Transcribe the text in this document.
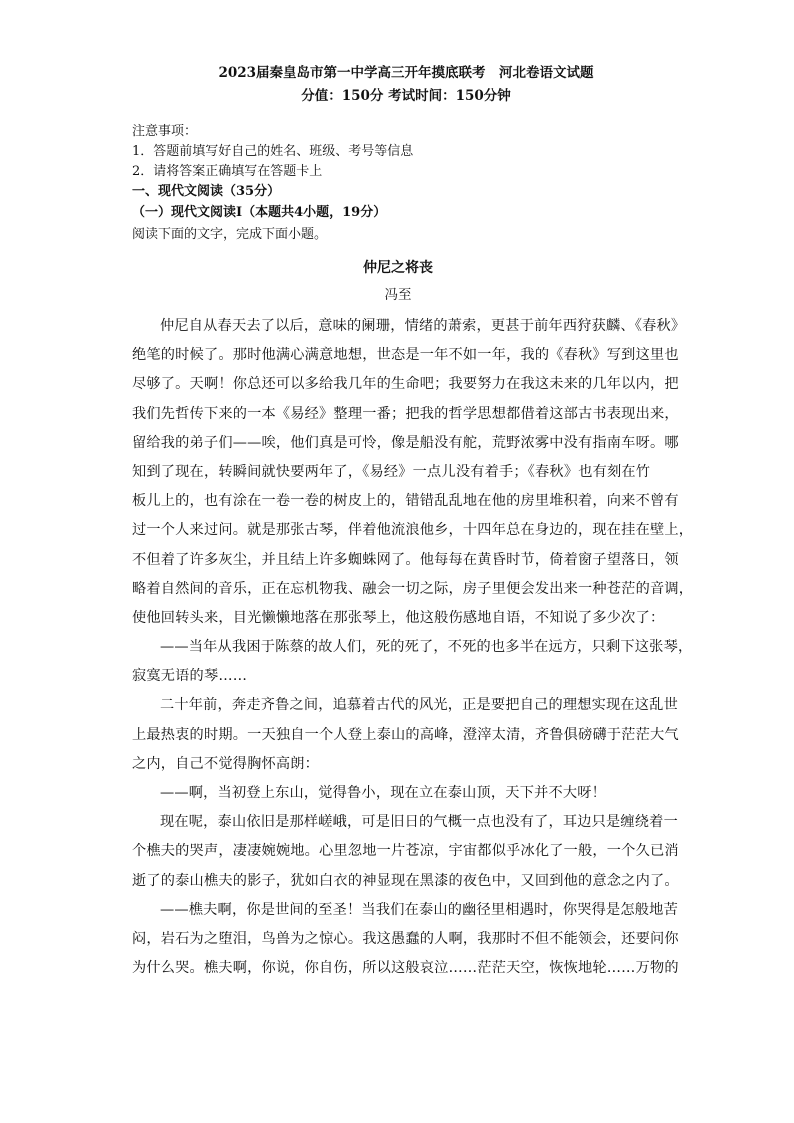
2023届秦皇岛市第一中学高三开年摸底联考　河北卷语文试题
分值：150分 考试时间：150分钟
注意事项：
1．答题前填写好自己的姓名、班级、考号等信息
2．请将答案正确填写在答题卡上
一、现代文阅读（35分）
（一）现代文阅读Ⅰ（本题共4小题，19分）
阅读下面的文字，完成下面小题。
仲尼之将丧
冯至
仲尼自从春天去了以后，意味的阑珊，情绪的萧索，更甚于前年西狩获麟、《春秋》
绝笔的时候了。那时他满心满意地想，世态是一年不如一年，我的《春秋》写到这里也
尽够了。天啊！你总还可以多给我几年的生命吧；我要努力在我这未来的几年以内，把
我们先哲传下来的一本《易经》整理一番；把我的哲学思想都借着这部古书表现出来，
留给我的弟子们——唉，他们真是可怜，像是船没有舵，荒野浓雾中没有指南车呀。哪
知到了现在，转瞬间就快要两年了，《易经》一点儿没有着手；《春秋》也有刻在竹
板儿上的，也有涂在一卷一卷的树皮上的，错错乱乱地在他的房里堆积着，向来不曾有
过一个人来过问。就是那张古琴，伴着他流浪他乡，十四年总在身边的，现在挂在壁上，
不但着了许多灰尘，并且结上许多蜘蛛网了。他每每在黄昏时节，倚着窗子望落日，领
略着自然间的音乐，正在忘机物我、融会一切之际，房子里便会发出来一种苍茫的音调，
使他回转头来，目光懒懒地落在那张琴上，他这般伤感地自语，不知说了多少次了：
——当年从我困于陈蔡的故人们，死的死了，不死的也多半在远方，只剩下这张琴，
寂寞无语的琴……
二十年前，奔走齐鲁之间，追慕着古代的风光，正是要把自己的理想实现在这乱世
上最热衷的时期。一天独自一个人登上泰山的高峰，澄滓太清，齐鲁俱磅礴于茫茫大气
之内，自己不觉得胸怀高朗：
——啊，当初登上东山，觉得鲁小，现在立在泰山顶，天下并不大呀！
现在呢，泰山依旧是那样嵯峨，可是旧日的气概一点也没有了，耳边只是缠绕着一
个樵夫的哭声，凄凄婉婉地。心里忽地一片苍凉，宇宙都似乎冰化了一般，一个久已消
逝了的泰山樵夫的影子，犹如白衣的神显现在黑漆的夜色中，又回到他的意念之内了。
——樵夫啊，你是世间的至圣！当我们在泰山的幽径里相遇时，你哭得是怎般地苦
闷，岩石为之堕泪，鸟兽为之惊心。我这愚蠢的人啊，我那时不但不能领会，还要问你
为什么哭。樵夫啊，你说，你自伤，所以这般哀泣……茫茫天空，恢恢地轮……万物的
